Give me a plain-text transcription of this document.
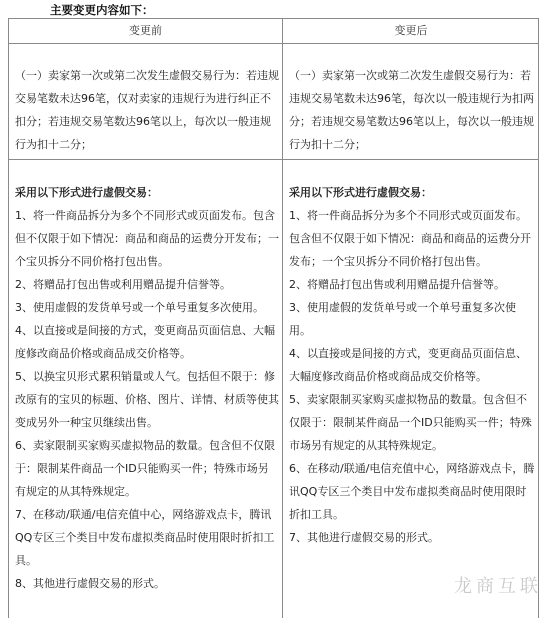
主要变更内容如下：
变更前	变更后

（一）卖家第一次或第二次发生虚假交易行为：若违规交易笔数未达96笔，仅对卖家的违规行为进行纠正不扣分；若违规交易笔数达96笔以上，每次以一般违规行为扣十二分；

（一）卖家第一次或第二次发生虚假交易行为：若违规交易笔数未达96笔，每次以一般违规行为扣两分；若违规交易笔数达96笔以上，每次以一般违规行为扣十二分；

采用以下形式进行虚假交易：

1、将一件商品拆分为多个不同形式或页面发布。包含但不仅限于如下情况：商品和商品的运费分开发布；一个宝贝拆分不同价格打包出售。

2、将赠品打包出售或利用赠品提升信誉等。

3、使用虚假的发货单号或一个单号重复多次使用。

4、以直接或是间接的方式，变更商品页面信息、大幅度修改商品价格或商品成交价格等。

5、以换宝贝形式累积销量或人气。包括但不限于：修改原有的宝贝的标题、价格、图片、详情、材质等使其变成另外一种宝贝继续出售。

6、卖家限制买家购买虚拟物品的数量。包含但不仅限于：限制某件商品一个ID只能购买一件；特殊市场另有规定的从其特殊规定。

7、在移动/联通/电信充值中心，网络游戏点卡，腾讯QQ专区三个类目中发布虚拟类商品时使用限时折扣工具。

8、其他进行虚假交易的形式。

采用以下形式进行虚假交易：

1、将一件商品拆分为多个不同形式或页面发布。包含但不仅限于如下情况：商品和商品的运费分开发布；一个宝贝拆分不同价格打包出售。

2、将赠品打包出售或利用赠品提升信誉等。

3、使用虚假的发货单号或一个单号重复多次使用。

4、以直接或是间接的方式，变更商品页面信息、大幅度修改商品价格或商品成交价格等。

5、卖家限制买家购买虚拟物品的数量。包含但不仅限于：限制某件商品一个ID只能购买一件；特殊市场另有规定的从其特殊规定。

6、在移动/联通/电信充值中心，网络游戏点卡，腾讯QQ专区三个类目中发布虚拟类商品时使用限时折扣工具。

7、其他进行虚假交易的形式。

龙商互联
